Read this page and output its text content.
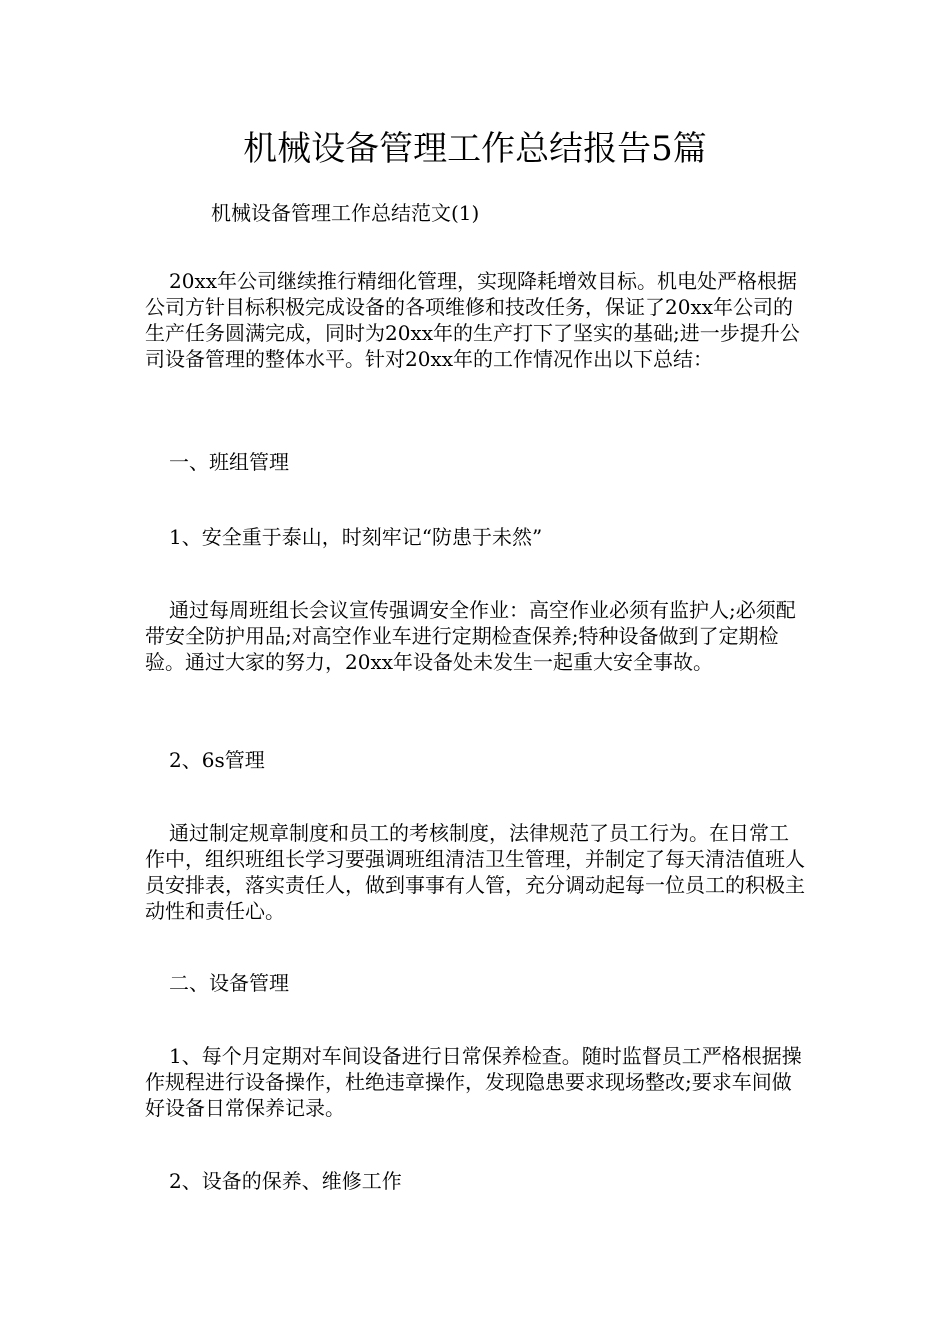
机械设备管理工作总结报告5篇
机械设备管理工作总结范文(1)
20xx年公司继续推行精细化管理，实现降耗增效目标。机电处严格根据公司方针目标积极完成设备的各项维修和技改任务，保证了20xx年公司的生产任务圆满完成，同时为20xx年的生产打下了坚实的基础;进一步提升公司设备管理的整体水平。针对20xx年的工作情况作出以下总结：
一、班组管理
1、安全重于泰山，时刻牢记“防患于未然”
通过每周班组长会议宣传强调安全作业：高空作业必须有监护人;必须配带安全防护用品;对高空作业车进行定期检查保养;特种设备做到了定期检验。通过大家的努力，20xx年设备处未发生一起重大安全事故。
2、6s管理
通过制定规章制度和员工的考核制度，法律规范了员工行为。在日常工作中，组织班组长学习要强调班组清洁卫生管理，并制定了每天清洁值班人员安排表，落实责任人，做到事事有人管，充分调动起每一位员工的积极主动性和责任心。
二、设备管理
1、每个月定期对车间设备进行日常保养检查。随时监督员工严格根据操作规程进行设备操作，杜绝违章操作，发现隐患要求现场整改;要求车间做好设备日常保养记录。
2、设备的保养、维修工作
